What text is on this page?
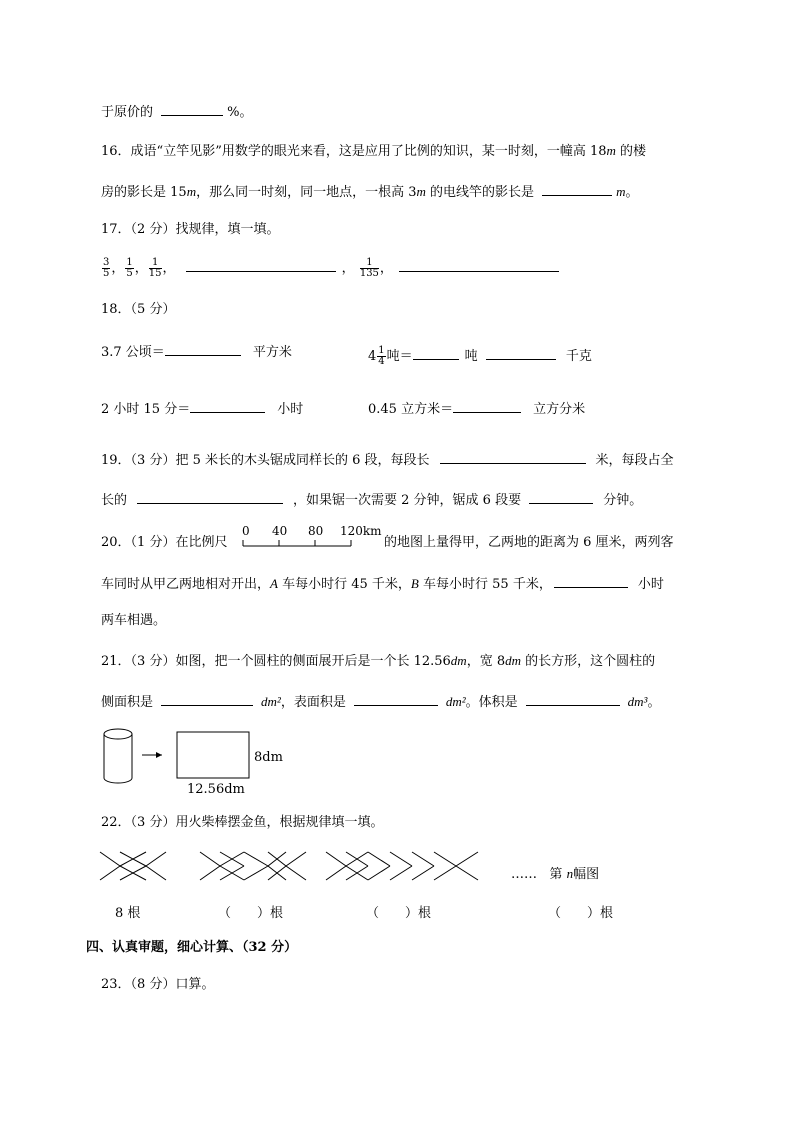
于原价的	%。
16．成语“立竿见影”用数学的眼光来看，这是应用了比例的知识，某一时刻，一幢高 18m 的楼
房的影长是 15m，那么同一时刻，同一地点，一根高 3m 的电线竿的影长是	m。
17．（2 分）找规律，填一填。
$\frac{3}{5}$ ， $\frac{1}{5}$ ， $\frac{1}{15}$ ，	， $\frac{1}{135}$ ，
18．（5 分）
3.7 公顷＝	平方米	$4 \frac{1}{4}$ 吨＝	吨	千克
2 小时 15 分＝	小时	0.45 立方米＝	立方分米
19．（3 分）把 5 米长的木头锯成同样长的 6 段，每段长	米，每段占全
长的	，如果锯一次需要 2 分钟，锯成 6 段要	分钟。
20．（1 分）在比例尺
0 40 80 120km
的地图上量得甲，乙两地的距离为 6 厘米，两列客
车同时从甲乙两地相对开出，A 车每小时行 45 千米，B 车每小时行 55 千米，	小时
两车相遇。
21．（3 分）如图，把一个圆柱的侧面展开后是一个长 12.56dm，宽 8dm 的长方形，这个圆柱的
侧面积是	dm²，表面积是	dm²。体积是	dm³。
8dm
12.56dm
22．（3 分）用火柴棒摆金鱼，根据规律填一填。
…… 第 n幅图
8 根	（　　）根	（　　）根	（　　）根
四、认真审题，细心计算、（32 分）
23．（8 分）口算。
